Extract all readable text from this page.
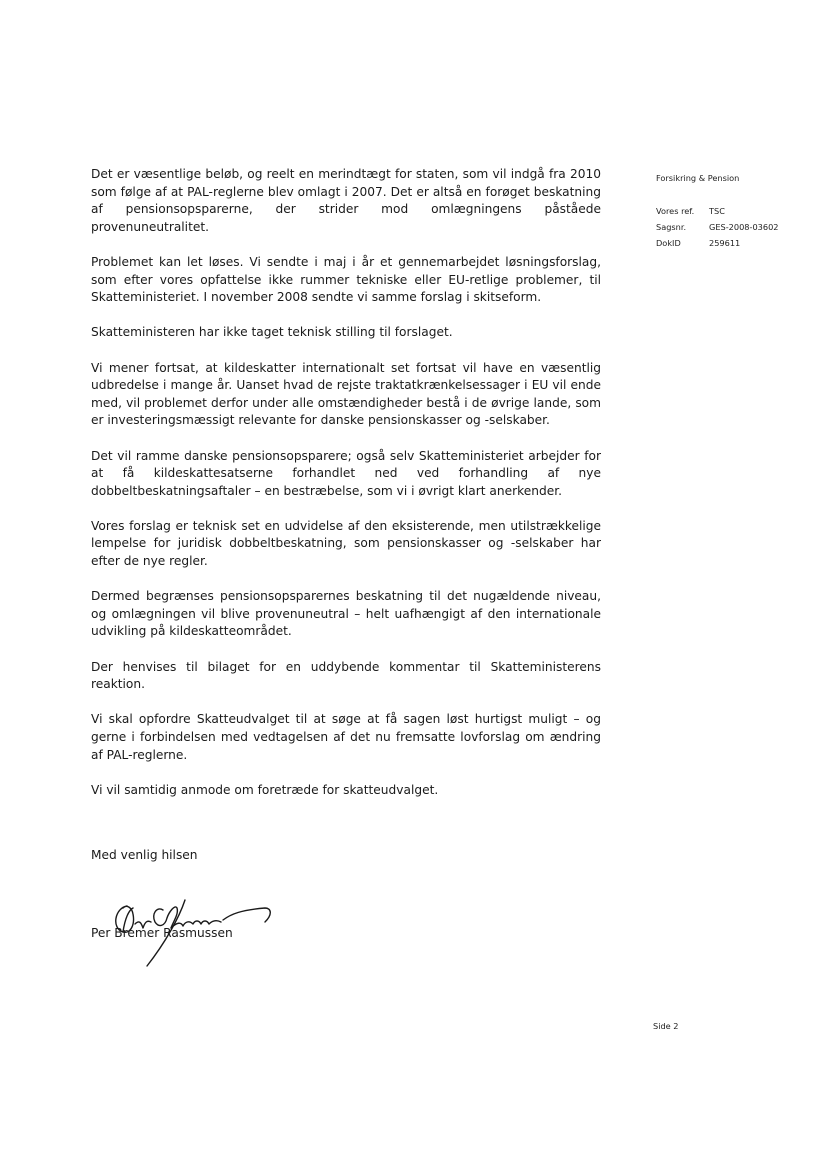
Forsikring & Pension
Vores ref.	TSC
Sagsnr.	GES-2008-03602
DokID	259611

Det er væsentlige beløb, og reelt en merindtægt for staten, som vil indgå fra 2010 som følge af at PAL-reglerne blev omlagt i 2007. Det er altså en forøget beskatning af pensionsopsparerne, der strider mod omlægningens påståede provenuneutralitet.

Problemet kan let løses. Vi sendte i maj i år et gennemarbejdet løsningsforslag, som efter vores opfattelse ikke rummer tekniske eller EU-retlige problemer, til Skatteministeriet. I november 2008 sendte vi samme forslag i skitseform.

Skatteministeren har ikke taget teknisk stilling til forslaget.

Vi mener fortsat, at kildeskatter internationalt set fortsat vil have en væsentlig udbredelse i mange år. Uanset hvad de rejste traktatkrænkelsessager i EU vil ende med, vil problemet derfor under alle omstændigheder bestå i de øvrige lande, som er investeringsmæssigt relevante for danske pensionskasser og -selskaber.

Det vil ramme danske pensionsopsparere; også selv Skatteministeriet arbejder for at få kildeskattesatserne forhandlet ned ved forhandling af nye dobbeltbeskatningsaftaler – en bestræbelse, som vi i øvrigt klart anerkender.

Vores forslag er teknisk set en udvidelse af den eksisterende, men utilstrækkelige lempelse for juridisk dobbeltbeskatning, som pensionskasser og -selskaber har efter de nye regler.

Dermed begrænses pensionsopsparernes beskatning til det nugældende niveau, og omlægningen vil blive provenuneutral – helt uafhængigt af den internationale udvikling på kildeskatteområdet.

Der henvises til bilaget for en uddybende kommentar til Skatteministerens reaktion.

Vi skal opfordre Skatteudvalget til at søge at få sagen løst hurtigst muligt – og gerne i forbindelsen med vedtagelsen af det nu fremsatte lovforslag om ændring af PAL-reglerne.

Vi vil samtidig anmode om foretræde for skatteudvalget.

Med venlig hilsen
Per Bremer Rasmussen
Side 2
